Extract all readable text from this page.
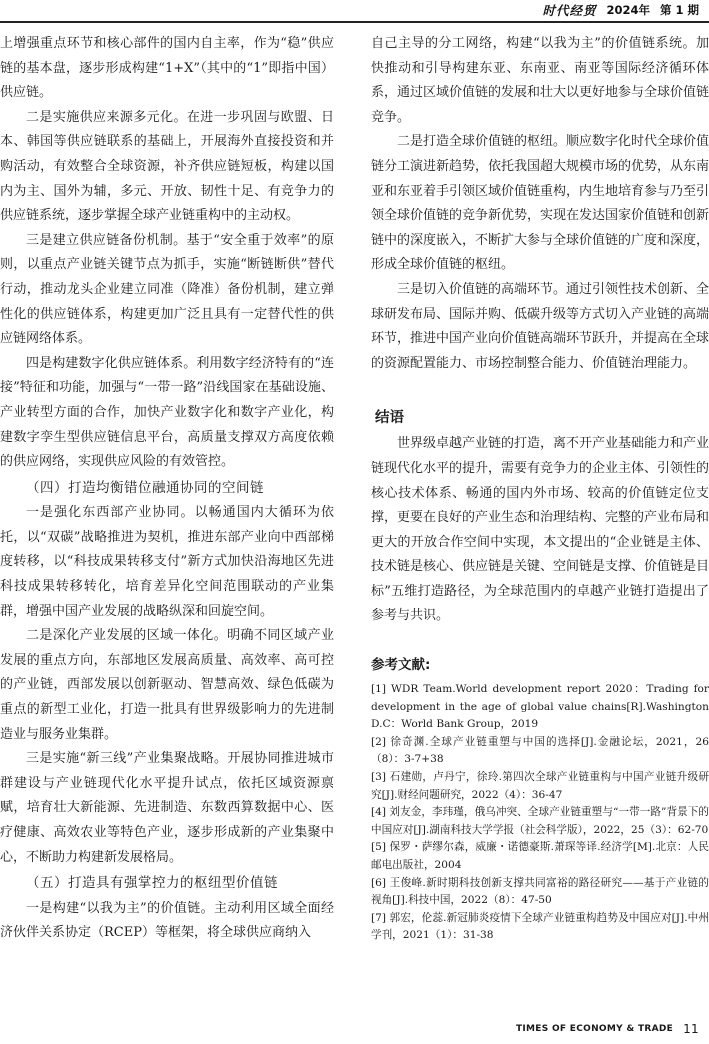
时代经贸 2024年 第 1 期

上增强重点环节和核心部件的国内自主率，作为“稳”供应链的基本盘，逐步形成构建“1+X”（其中的“1”即指中国）供应链。

二是实施供应来源多元化。在进一步巩固与欧盟、日本、韩国等供应链联系的基础上，开展海外直接投资和并购活动，有效整合全球资源，补齐供应链短板，构建以国内为主、国外为辅，多元、开放、韧性十足、有竞争力的供应链系统，逐步掌握全球产业链重构中的主动权。

三是建立供应链备份机制。基于“安全重于效率”的原则，以重点产业链关键节点为抓手，实施“断链断供”替代行动，推动龙头企业建立同准（降准）备份机制，建立弹性化的供应链体系，构建更加广泛且具有一定替代性的供应链网络体系。

四是构建数字化供应链体系。利用数字经济特有的“连接”特征和功能，加强与“一带一路”沿线国家在基础设施、产业转型方面的合作，加快产业数字化和数字产业化，构建数字孪生型供应链信息平台，高质量支撑双方高度依赖的供应网络，实现供应风险的有效管控。

（四）打造均衡错位融通协同的空间链

一是强化东西部产业协同。以畅通国内大循环为依托，以“双碳”战略推进为契机，推进东部产业向中西部梯度转移，以“科技成果转移支付”新方式加快沿海地区先进科技成果转移转化，培育差异化空间范围联动的产业集群，增强中国产业发展的战略纵深和回旋空间。

二是深化产业发展的区域一体化。明确不同区域产业发展的重点方向，东部地区发展高质量、高效率、高可控的产业链，西部发展以创新驱动、智慧高效、绿色低碳为重点的新型工业化，打造一批具有世界级影响力的先进制造业与服务业集群。

三是实施“新三线”产业集聚战略。开展协同推进城市群建设与产业链现代化水平提升试点，依托区域资源禀赋，培育壮大新能源、先进制造、东数西算数据中心、医疗健康、高效农业等特色产业，逐步形成新的产业集聚中心，不断助力构建新发展格局。

（五）打造具有强掌控力的枢纽型价值链

一是构建“以我为主”的价值链。主动利用区域全面经济伙伴关系协定（RCEP）等框架，将全球供应商纳入

自己主导的分工网络，构建“以我为主”的价值链系统。加快推动和引导构建东亚、东南亚、南亚等国际经济循环体系，通过区域价值链的发展和壮大以更好地参与全球价值链竞争。

二是打造全球价值链的枢纽。顺应数字化时代全球价值链分工演进新趋势，依托我国超大规模市场的优势，从东南亚和东亚着手引领区域价值链重构，内生地培育参与乃至引领全球价值链的竞争新优势，实现在发达国家价值链和创新链中的深度嵌入，不断扩大参与全球价值链的广度和深度，形成全球价值链的枢纽。

三是切入价值链的高端环节。通过引领性技术创新、全球研发布局、国际并购、低碳升级等方式切入产业链的高端环节，推进中国产业向价值链高端环节跃升，并提高在全球的资源配置能力、市场控制整合能力、价值链治理能力。

结语

世界级卓越产业链的打造，离不开产业基础能力和产业链现代化水平的提升，需要有竞争力的企业主体、引领性的核心技术体系、畅通的国内外市场、较高的价值链定位支撑，更要在良好的产业生态和治理结构、完整的产业布局和更大的开放合作空间中实现，本文提出的“企业链是主体、技术链是核心、供应链是关键、空间链是支撑、价值链是目标”五维打造路径，为全球范围内的卓越产业链打造提出了参考与共识。

参考文献:

[1] WDR Team.World development report 2020：Trading for development in the age of global value chains[R].Washington D.C：World Bank Group，2019

[2] 徐奇渊.全球产业链重塑与中国的选择[J].金融论坛，2021，26（8）：3-7+38

[3] 石建勋，卢丹宁，徐玲.第四次全球产业链重构与中国产业链升级研究[J].财经问题研究，2022（4）：36-47

[4] 刘友金，李玮瑾，俄乌冲突、全球产业链重塑与“一带一路”背景下的中国应对[J].湖南科技大学学报（社会科学版），2022，25（3）：62-70

[5] 保罗・萨缪尔森，威廉・诺德豪斯.萧琛等译.经济学[M].北京：人民邮电出版社，2004

[6] 王俊峰.新时期科技创新支撑共同富裕的路径研究——基于产业链的视角[J].科技中国，2022（8）：47-50

[7] 郭宏，伦蕊.新冠肺炎疫情下全球产业链重构趋势及中国应对[J].中州学刊，2021（1）：31-38

TIMES OF ECONOMY & TRADE 11
